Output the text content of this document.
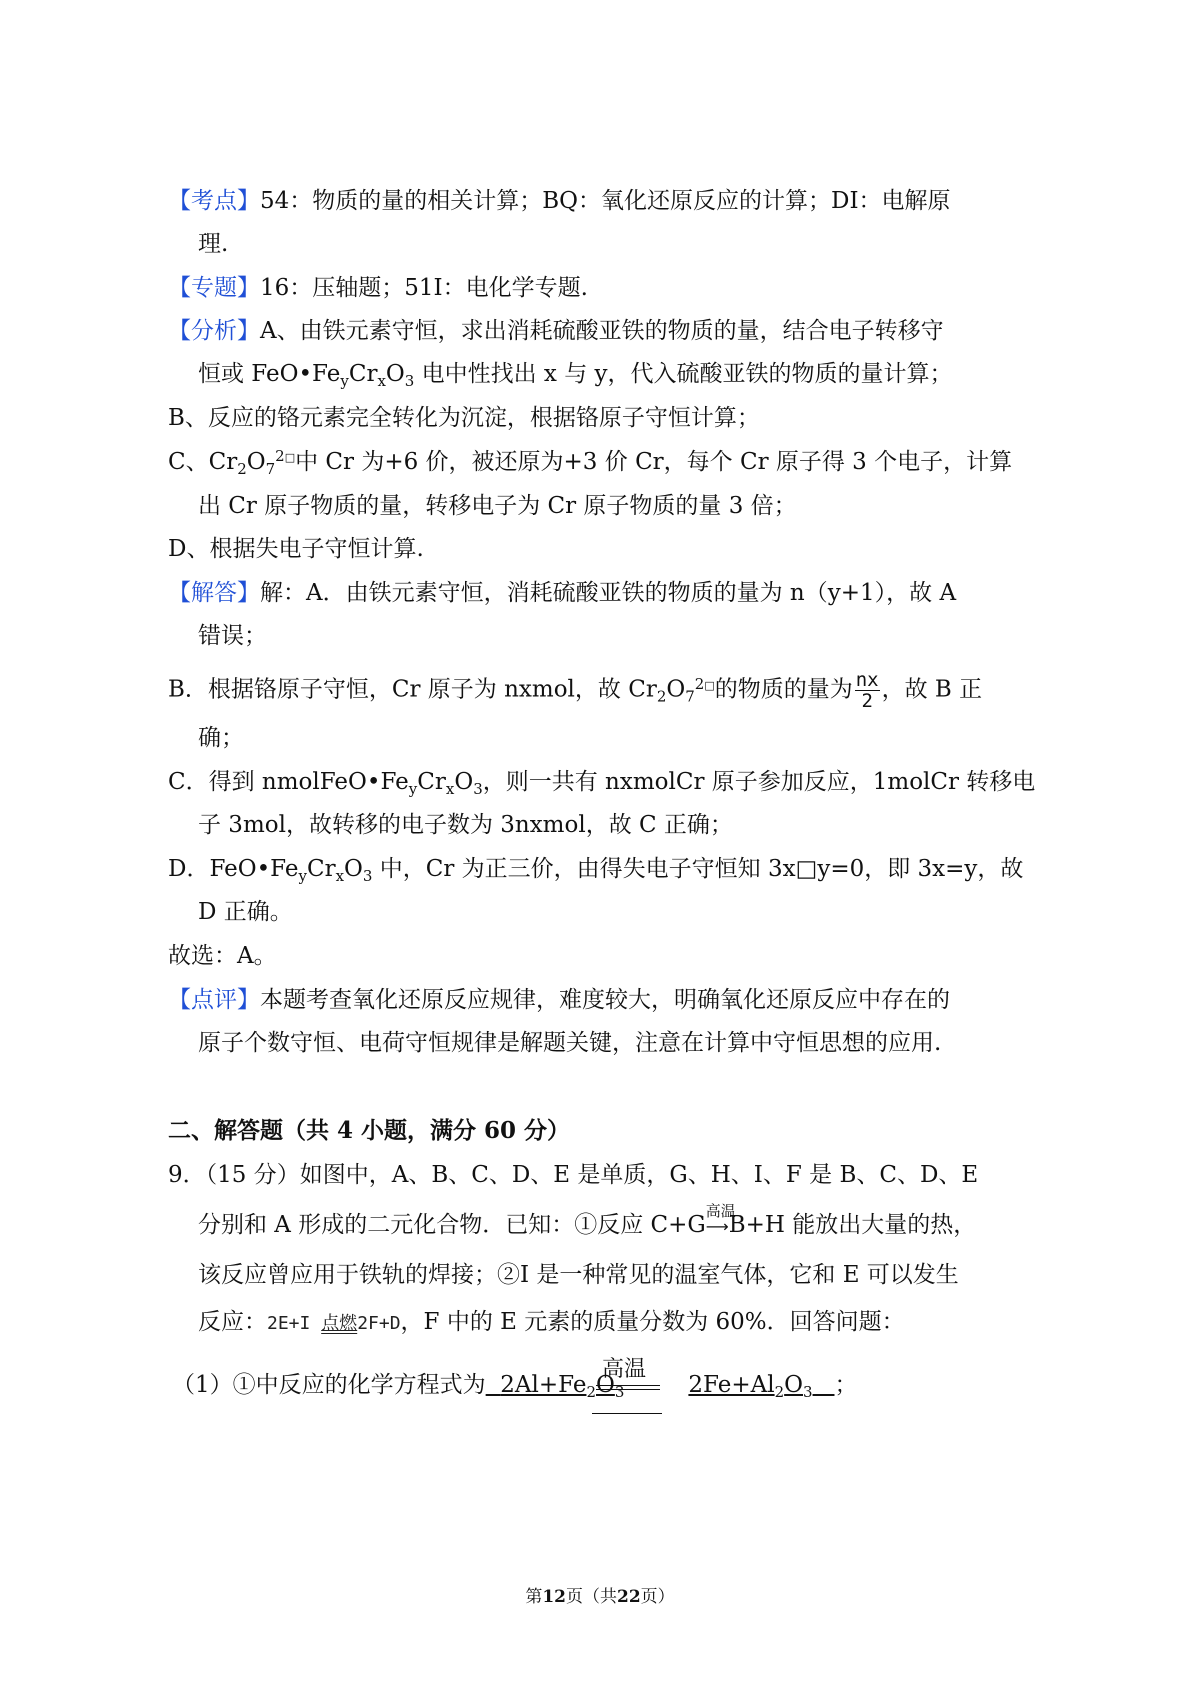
【考点】54：物质的量的相关计算；BQ：氧化还原反应的计算；DI：电解原
理.
【专题】16：压轴题；51I：电化学专题.
【分析】A、由铁元素守恒，求出消耗硫酸亚铁的物质的量，结合电子转移守
恒或 $FeO•Fe_yCr_xO_3$ 电中性找出 x 与 y，代入硫酸亚铁的物质的量计算；
B、反应的铬元素完全转化为沉淀，根据铬原子守恒计算；
C、$Cr_2O_7^{2□}$中 Cr 为+6 价，被还原为+3 价 Cr，每个 Cr 原子得 3 个电子，计算
出 Cr 原子物质的量，转移电子为 Cr 原子物质的量 3 倍；
D、根据失电子守恒计算.
【解答】解：A．由铁元素守恒，消耗硫酸亚铁的物质的量为 n（y+1），故 A
错误；
B．根据铬原子守恒，Cr 原子为 nxmol，故 $Cr_2O_7^{2□}$的物质的量为 $\frac{nx}{2}$ ，故 B 正
确；
C．得到 $nmolFeO•Fe_yCr_xO_3$，则一共有 nxmolCr 原子参加反应，1molCr 转移电
子 3mol，故转移的电子数为 3nxmol，故 C 正确；
D．$FeO•Fe_yCr_xO_3$ 中，Cr 为正三价，由得失电子守恒知 3x□y=0，即 3x=y，故
D 正确。
故选：A。
【点评】本题考查氧化还原反应规律，难度较大，明确氧化还原反应中存在的
原子个数守恒、电荷守恒规律是解题关键，注意在计算中守恒思想的应用.
二、解答题（共 4 小题，满分 60 分）
9．（15 分）如图中，A、B、C、D、E 是单质，G、H、I、F 是 B、C、D、E
分别和 A 形成的二元化合物．已知：①反应 C+G
高温
⟶B+H 能放出大量的热，
该反应曾应用于铁轨的焊接；②I 是一种常见的温室气体，它和 E 可以发生
反应：2E+I 点燃2F+D，F 中的 E 元素的质量分数为 60%．回答问题：
高温
（1）①中反应的化学方程式为 $2Al+Fe_2O_3$	$2Fe+Al_2O_3$ ；
第12页（共22页）
